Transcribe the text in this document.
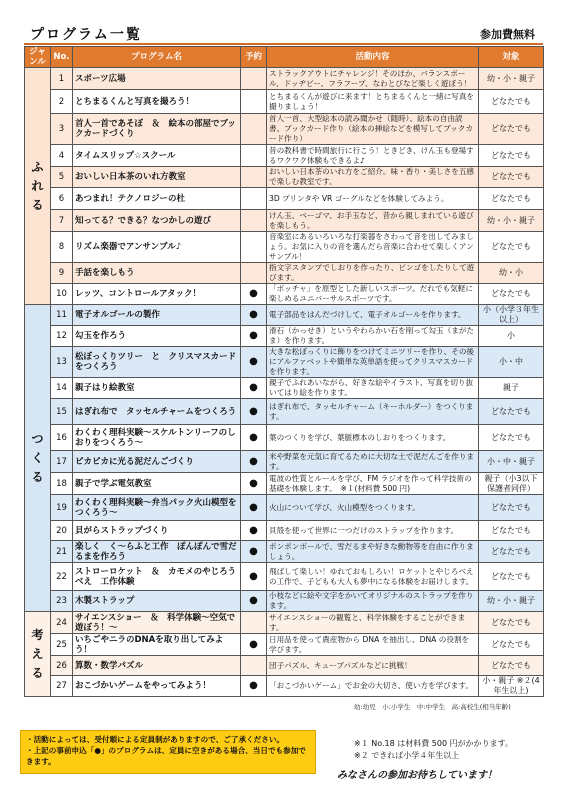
プログラム一覧	参加費無料
ジャンル	No.	プログラム名	予約	活動内容	対象
ふれる	1	スポーツ広場		ストラックアウトにチャレンジ！そのほか、バランスボール、ドッヂビー、フラフープ、なわとびなど楽しく遊ぼう！	幼・小・親子
	2	とちまるくんと写真を撮ろう！		とちまるくんが遊びに来ます！とちまるくんと一緒に写真を撮りましょう！	どなたでも
	3	首人一首であそぼ　＆　絵本の部屋でブックカードづくり		首人一首、大型絵本の読み聞かせ（随時）、絵本の自由読書、ブックカード作り（絵本の挿絵などを模写してブックカード作り）	どなたでも
	4	タイムスリップ☆スクール		昔の教科書で時間旅行に行こう！ときどき、けん玉も登場するワクワク体験もできるよ♪	どなたでも
	5	おいしい日本茶のいれ方教室		おいしい日本茶のいれ方をご紹介。味・香り・美しさを五感で楽しむ教室です。	どなたでも
	6	あつまれ！テクノロジーの杜		3D プリンタや VR ゴーグルなどを体験してみよう。	どなたでも
	7	知ってる？できる？なつかしの遊び		けん玉、ベーゴマ、お手玉など、昔から親しまれている遊びを楽しもう。	幼・小・親子
	8	リズム楽器でアンサンブル♪		音楽室にあるいろいろな打楽器をさわって音を出してみましょう。お気に入りの音を選んだら音楽に合わせて楽しくアンサンブル！	どなたでも
	9	手話を楽しもう		指文字スタンプでしおりを作ったり、ビンゴをしたりして遊びます。	幼・小
	10	レッツ、コントロールアタック！	●	「ボッチャ」を原型とした新しいスポーツ。だれでも気軽に楽しめるユニバーサルスポーツです。	どなたでも
つくる	11	電子オルゴールの製作	●	電子部品をはんだづけして、電子オルゴールを作ります。	小（小学３年生以上）
	12	勾玉を作ろう	●	滑石（かっせき）というやわらかい石を削って勾玉（まがたま）を作ります。	小
	13	松ぼっくりツリー　と　クリスマスカードをつくろう	●	大きな松ぼっくりに飾りをつけてミニツリーを作り、その後にアルファベットや簡単な英単語を使ってクリスマスカードを作ります。	小・中
	14	親子はり絵教室	●	親子でふれあいながら、好きな絵やイラスト、写真を切り抜いてはり絵を作ります。	親子
	15	はぎれ布で　タッセルチャームをつくろう	●	はぎれ布で、タッセルチャーム（キーホルダー）をつくります。	どなたでも
	16	わくわく理科実験～スケルトンリーフのしおりをつくろう～	●	葉のつくりを学び、葉脈標本のしおりをつくります。	どなたでも
	17	ピカピカに光る泥だんごづくり	●	米や野菜を元気に育てるために大切な土で泥だんごを作ります。	小・中・親子
	18	親子で学ぶ電気教室	●	電波の性質とルールを学び、FM ラジオを作って科学技術の基礎を体験します。　※１(材料費 500 円)	親子（小3以下保護者同伴）
	19	わくわく理科実験～弁当パック火山模型をつくろう～	●	火山について学び、火山模型をつくります。	どなたでも
	20	貝がらストラップづくり	●	貝殻を使って世界に一つだけのストラップを作ります。	どなたでも
	21	楽しく　く～らふと工作　ぽんぽんで雪だるまを作ろう	●	ポンポンボールで、雪だるまや好きな動物等を自由に作りましょう。	どなたでも
	22	ストローロケット　＆　カモメのやじろうべえ　工作体験	●	飛ばして楽しい！ゆれておもしろい！ロケットとやじろべえの工作で、子どもも大人も夢中になる体験をお届けします。	どなたでも
	23	木製ストラップ	●	小枝などに絵や文字をかいてオリジナルのストラップを作ります。	幼・小・親子
考える	24	サイエンスショー　＆　科学体験～空気で遊ぼう！～		サイエンスショーの観覧と、科学体験をすることができます。	どなたでも
	25	いちごやニラのDNAを取り出してみよう！	●	日用品を使って農産物から DNA を抽出し、DNA の役割を学びます。	どなたでも
	26	算数・数学パズル		団子パズル、キューブパズルなどに挑戦！	どなたでも
	27	おこづかいゲームをやってみよう！	●	「おこづかいゲーム」でお金の大切さ、使い方を学びます。	小・親子 ※２(4年生以上)
幼:幼児　小:小学生　中:中学生　高:高校生(相当年齢)
・活動によっては、受付順による定員制がありますので、ご了承ください。
・上記の事前申込「●」のプログラムは、定員に空きがある場合、当日でも参加できます。
※１ No.18 は材料費 500 円がかかります。
※２ できれば小学４年生以上
みなさんの参加お待ちしています！
